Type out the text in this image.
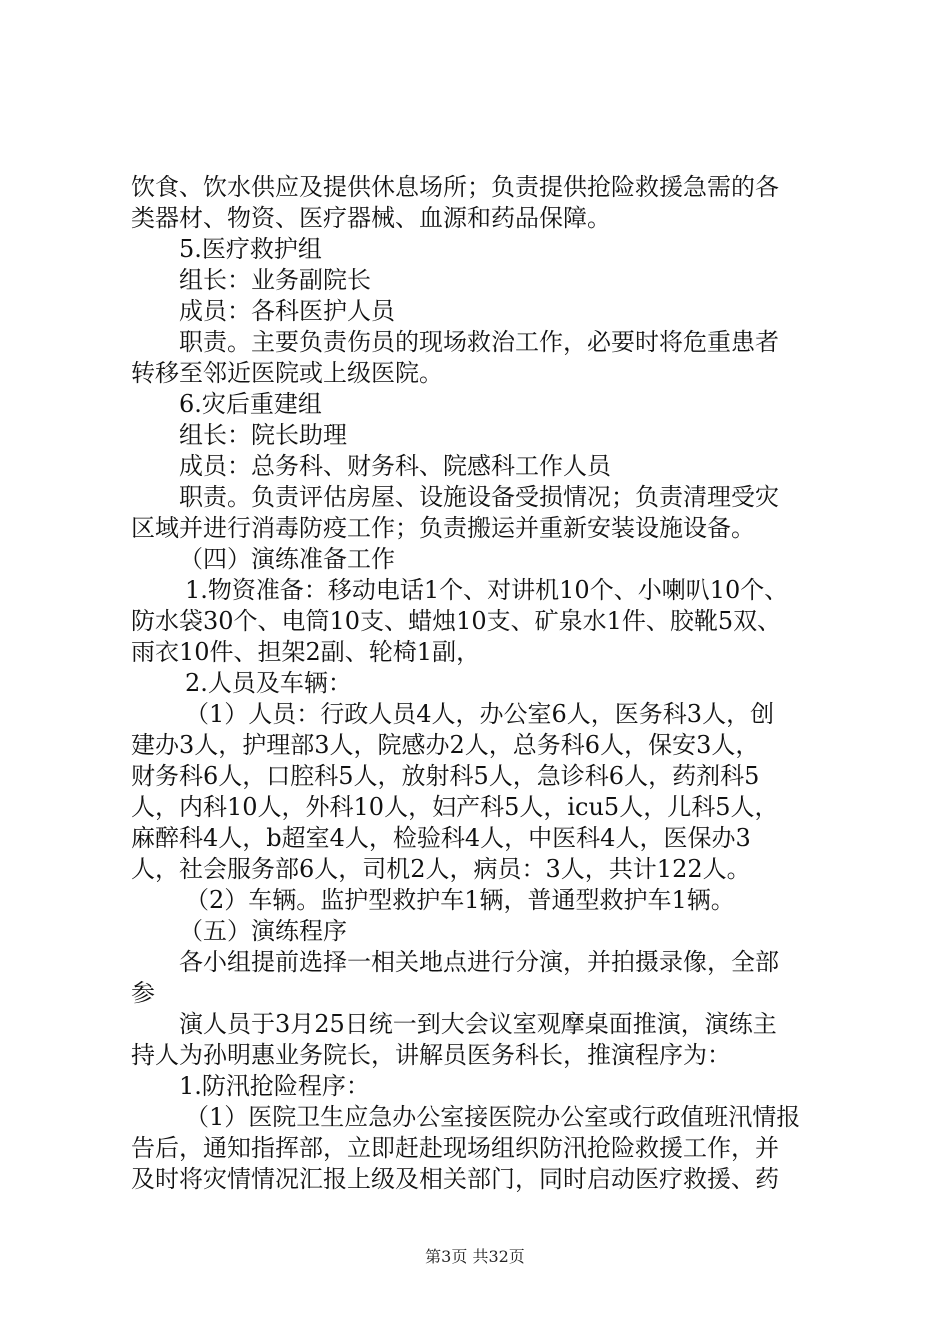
饮食、饮水供应及提供休息场所；负责提供抢险救援急需的各
类器材、物资、医疗器械、血源和药品保障。
5.医疗救护组
组长：业务副院长
成员：各科医护人员
职责。主要负责伤员的现场救治工作，必要时将危重患者
转移至邻近医院或上级医院。
6.灾后重建组
组长：院长助理
成员：总务科、财务科、院感科工作人员
职责。负责评估房屋、设施设备受损情况；负责清理受灾
区域并进行消毒防疫工作；负责搬运并重新安装设施设备。
（四）演练准备工作
1.物资准备：移动电话1个、对讲机10个、小喇叭10个、
防水袋30个、电筒10支、蜡烛10支、矿泉水1件、胶靴5双、
雨衣10件、担架2副、轮椅1副，
2.人员及车辆：
（1）人员：行政人员4人，办公室6人，医务科3人，创
建办3人，护理部3人，院感办2人，总务科6人，保安3人，
财务科6人，口腔科5人，放射科5人，急诊科6人，药剂科5
人，内科10人，外科10人，妇产科5人，icu5人，儿科5人，
麻醉科4人，b超室4人，检验科4人，中医科4人，医保办3
人，社会服务部6人，司机2人，病员：3人，共计122人。
（2）车辆。监护型救护车1辆，普通型救护车1辆。
（五）演练程序
各小组提前选择一相关地点进行分演，并拍摄录像，全部
参
演人员于3月25日统一到大会议室观摩桌面推演，演练主
持人为孙明惠业务院长，讲解员医务科长，推演程序为：
1.防汛抢险程序：
（1）医院卫生应急办公室接医院办公室或行政值班汛情报
告后，通知指挥部，立即赶赴现场组织防汛抢险救援工作，并
及时将灾情情况汇报上级及相关部门，同时启动医疗救援、药
第3页 共32页
